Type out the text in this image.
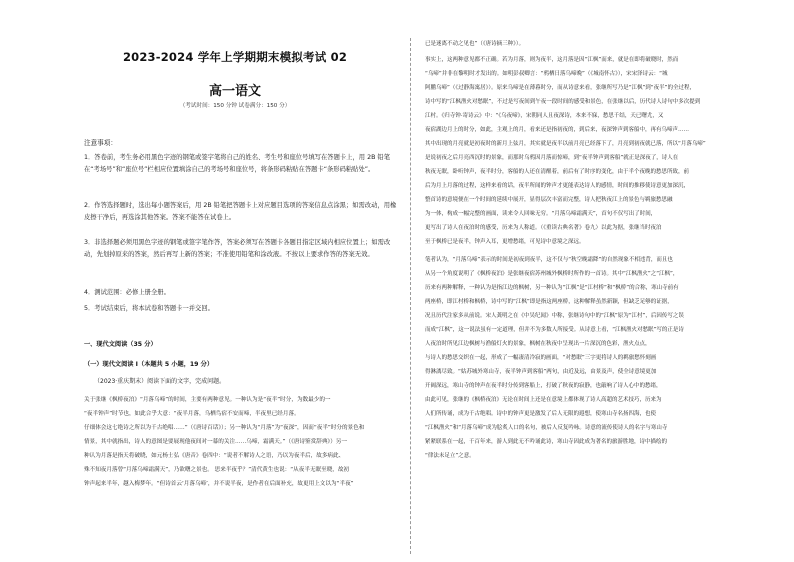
2023-2024 学年上学期期末模拟考试 02
高一语文
（考试时间：150 分钟 试卷满分：150 分）
注意事项：
1．答卷前，考生务必用黑色字迹的钢笔或签字笔将自己的姓名、考生号和座位号填写在答题卡上，用 2B 铅笔在“考场号”和“座位号”栏相应位置填涂自己的考场号和座位号，将条形码粘贴在答题卡“条形码粘贴处”。
2．作答选择题时，选出每小题答案后，用 2B 铅笔把答题卡上对应题目选项的答案信息点涂黑；如需改动，用橡皮擦干净后，再选涂其他答案。答案不能答在试卷上。
3．非选择题必须用黑色字迹的钢笔或签字笔作答，答案必须写在答题卡各题目指定区域内相应位置上；如需改动，先划掉原来的答案，然后再写上新的答案；不准使用铅笔和涂改液。不按以上要求作答的答案无效。
4．测试范围：必修上册全册。
5．考试结束后，将本试卷和答题卡一并交回。
一、现代文阅读（35 分）
（一）现代文阅读 I（本题共 5 小题，19 分）
（2023·重庆期末）阅读下面的文字，完成问题。
关于张继《枫桥夜泊》“月落乌啼”的时间，主要有两种意见。一种认为是“夜半”时分，为数最少的一
“夜半钟声”时节也，如此合乎大意：“夜半月落，乌栖鸟宿不安而啼，半夜里已经月落。
仔细体会这七绝诗之所以为千古绝唱……”（《唐诗百话》）；另一种认为“月落”为“夜深”，因而“夜半”时分的景色和
情景，其中就指出，诗人的意图是要展现他夜间对一幕的关注……乌啼，霜满天。”（《唐诗鉴赏辞典》）另一
种认为月落是指天将破晓，如元杨士弘《唐音》卷四中：“说者不解诗人之语，乃以为夜半后，故多病此、
殊不知夜月落曾“月落乌啼霜满天”，乃欲曙之景也。 思来半夜乎？”清代黄生也说：“从夜半无眠至晓，故初
钟声起来半年，越入梅梦年。“但诗首云‘月落乌啼’，并不说半夜，是作者在后面补充，故更用上文以为“半夜”
已是迷离不动之见也”（《唐诗摘三种》）。
事实上，这两种意见都不正确。若为月落，则为夜半，这月落是因“江枫”而来，就是在即将破晓时，然而
“乌啼”并非在黎明时才发出的。如明彭叔卿言：“鸦栖日落乌啼晚”（《城南怀古》），宋宋泽诗云：“城
阿鹏乌啼”（《过静海寓居》）。原来乌啼是在薄暮时分，而从诗意来看，张继所写乃是“江枫”到“夜半”的全过程，
诗中写的“江枫渔火对愁眠”，不过是写夜间到午夜一段时间的感受和景色，在张继以后，历代诗人诗句中多次提到
江村。《归寺钟·寄诗云》中：“《乌夜啼》，宋朝同人且夜深诗，本来不寐，愁思千结，天已曙尤，又
夜宿湖边月上的时分，如此，主观上的月，看来还是指初夜的，到后来，夜深钟声到客船中，再有乌啼声……
其中出现的月亮就是初夜时的新月上弦月，其实就是夜半以前月亮已经落下了，月亮到初夜就已落，所以“月落乌啼”
是说初夜之后月亮西沉时的景象，而那时乌鸦因月落而惊啼，到“夜半钟声到客船”就正是深夜了，诗人在
秋夜无眠，卧听钟声，夜半时分，客船的人还在清醒着，前后有了时序的变化，由于半个夜晚的愁思所致，前
后为月上月落的过程，这样来看的话，夜半所闻的钟声才更能表达诗人的感情，时间的推移使诗意更加深沉，
整首诗的意境便在一个时间的延续中展开，显得层次丰富而完整，诗人把秋夜江上的景色与羁旅愁思融
为一体，构成一幅完整的画面，读来令人回味无穷。“月落乌啼霜满天”，首句不仅写出了时间，
更写出了诗人在夜泊时的感受，历来为人称道。（《重读古典名著》卷九）以此为据，张继当时夜泊
至于枫桥已是夜半，钟声入耳，更增愁绪，可见诗中意境之深远。
笔者认为，“月落乌啼”表示的时间是初夜到夜半，这不仅与“秋空晚霜降”的自然现象不相违背，而且也
从另一个角度说明了《枫桥夜泊》是张继夜宿苏州城外枫桥时所作的一首诗。其中“江枫渔火”之“江枫”，
历来有两种解释，一种认为是指江边的枫树，另一种认为“江枫”是“江村桥”和“枫桥”的合称，寒山寺前有
两座桥，即江村桥和枫桥，诗中写的“江枫”即是指这两座桥，这种解释虽然新颖，但缺乏足够的证据，
况且历代注家多从前说。宋人龚明之在《中吴纪闻》中称，张继诗句中的“江枫”原为“江村”，后因传写之误
而成“江枫”，这一说法虽有一定道理，但并不为多数人所接受。从诗意上看，“江枫渔火对愁眠”写的正是诗
人夜泊时所见江边枫树与渔船灯火的景象，枫树在秋夜中呈现出一片深沉的色彩，渔火点点，
与诗人的愁思交织在一起，形成了一幅凄清冷寂的画面，“对愁眠”三字更将诗人的羁旅愁怀刻画
得淋漓尽致。“姑苏城外寒山寺，夜半钟声到客船”两句，由近及远，由景及声，使全诗意境更加
开阔深远，寒山寺的钟声在夜半时分传到客船上，打破了秋夜的寂静，也敲响了诗人心中的愁绪，
由此可见，张继的《枫桥夜泊》无论在时间上还是在意境上都体现了诗人高超的艺术技巧，历来为
人们所传诵，成为千古绝唱。诗中的钟声更是激发了后人无限的遐想，使寒山寺名扬四海，也使
“江枫渔火”和“月落乌啼”成为脍炙人口的名句，被后人反复吟咏。诗意的流传使诗人的名字与寒山寺
紧紧联系在一起，千百年来，游人到此无不吟诵此诗，寒山寺因此成为著名的旅游胜地，诗中描绘的
“律法未足立”之意。
